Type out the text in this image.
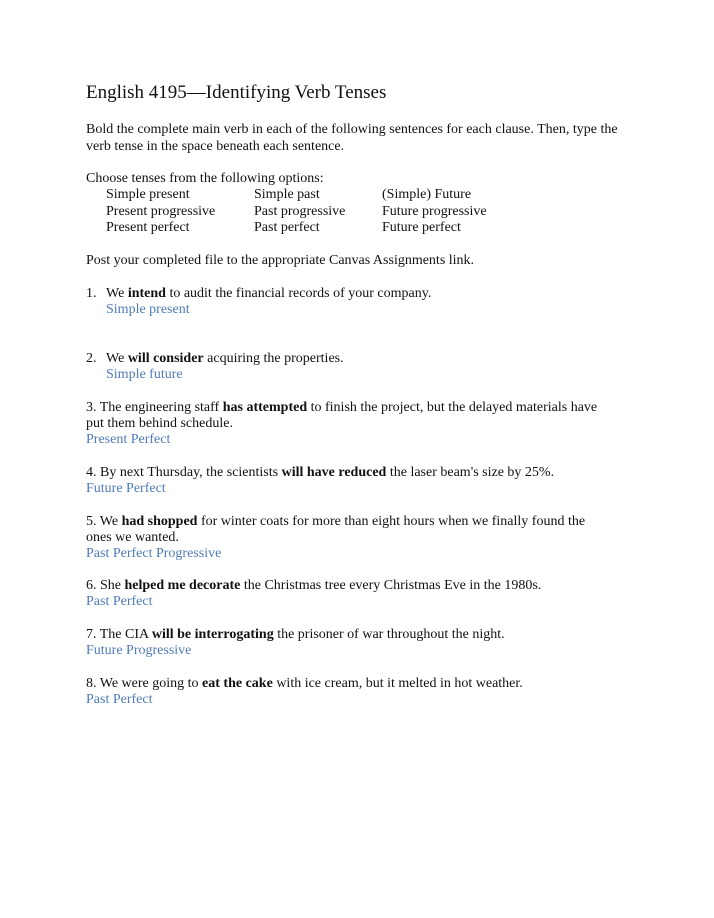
English 4195—Identifying Verb Tenses
Bold the complete main verb in each of the following sentences for each clause. Then, type the
verb tense in the space beneath each sentence.
Choose tenses from the following options:
Simple present	Simple past	(Simple) Future
Present progressive	Past progressive	Future progressive
Present perfect	Past perfect	Future perfect
Post your completed file to the appropriate Canvas Assignments link.
1. We intend to audit the financial records of your company.
Simple present
2. We will consider acquiring the properties.
Simple future
3. The engineering staff has attempted to finish the project, but the delayed materials have
put them behind schedule.
Present Perfect
4. By next Thursday, the scientists will have reduced the laser beam's size by 25%.
Future Perfect
5. We had shopped for winter coats for more than eight hours when we finally found the
ones we wanted.
Past Perfect Progressive
6. She helped me decorate the Christmas tree every Christmas Eve in the 1980s.
Past Perfect
7. The CIA will be interrogating the prisoner of war throughout the night.
Future Progressive
8. We were going to eat the cake with ice cream, but it melted in hot weather.
Past Perfect
